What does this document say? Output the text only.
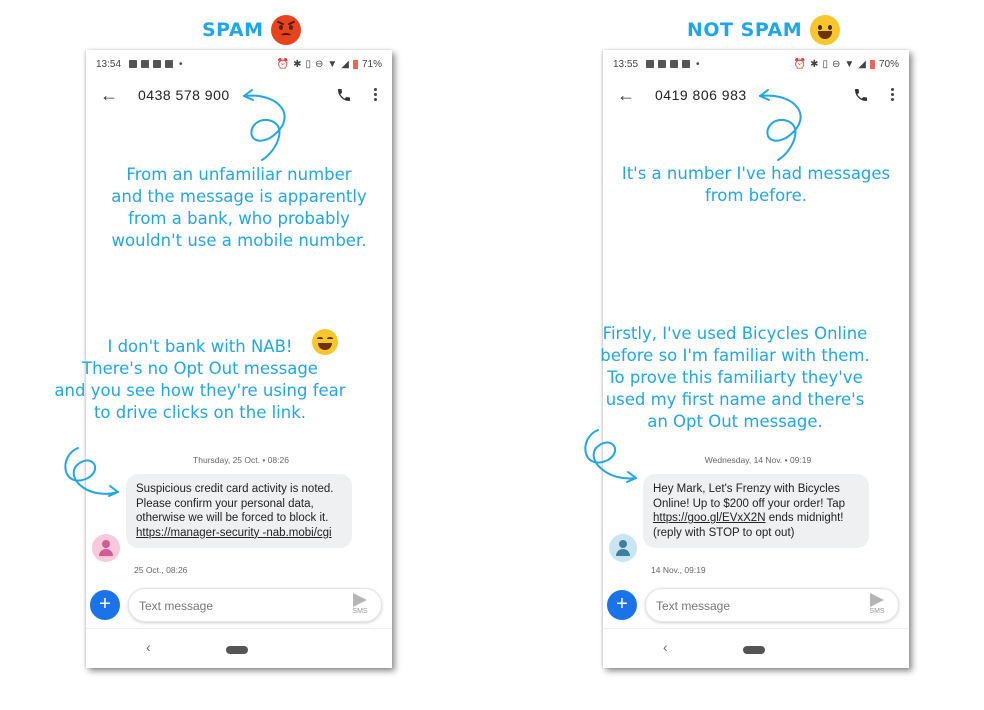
SPAM
13:54	•	⏰ ✱ ▯ ⊖ ▼ ◢ 71%
← 0438 578 900
From an unfamiliar number
and the message is apparently
from a bank, who probably
wouldn't use a mobile number.
I don't bank with NAB!
There's no Opt Out message
and you see how they're using fear
to drive clicks on the link.
Thursday, 25 Oct. • 08:26
Suspicious credit card activity is noted. Please confirm your personal data, otherwise we will be forced to block it. https://manager-security -nab.mobi/cgi
25 Oct., 08:26
+
Text message	SMS
‹
NOT SPAM
13:55	•	⏰ ✱ ▯ ⊖ ▼ ◢ 70%
← 0419 806 983
It's a number I've had messages
from before.
Firstly, I've used Bicycles Online
before so I'm familiar with them.
To prove this familiarty they've
used my first name and there's
an Opt Out message.
Wednesday, 14 Nov. • 09:19
Hey Mark, Let's Frenzy with Bicycles Online! Up to $200 off your order! Tap https://goo.gl/EVxX2N ends midnight! (reply with STOP to opt out)
14 Nov., 09:19
+
Text message	SMS
‹
